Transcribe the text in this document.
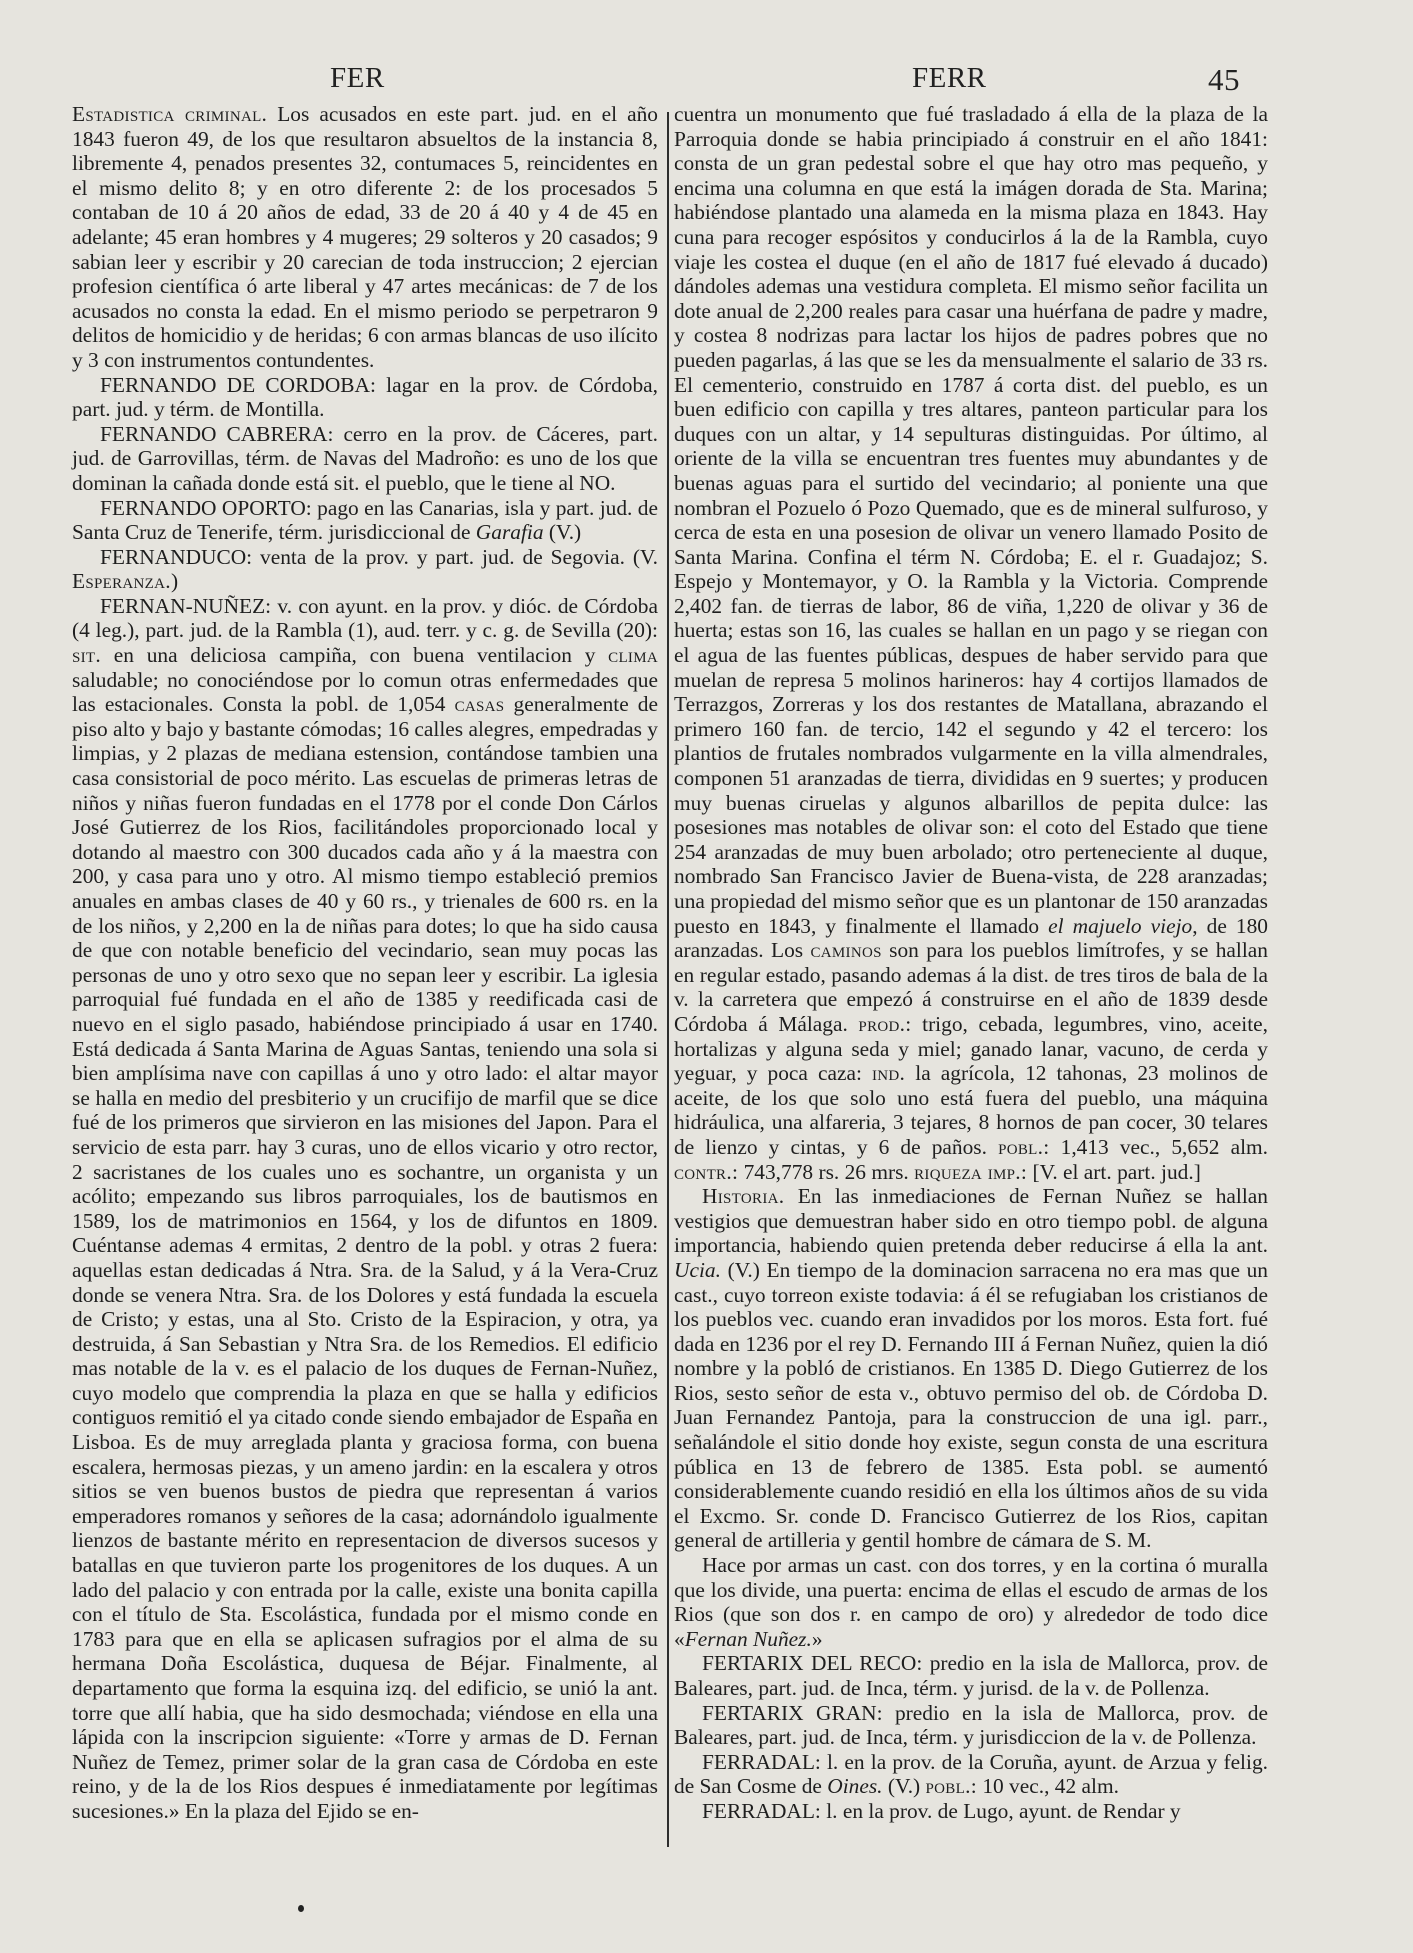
FER	FERR	45

Estadistica criminal. Los acusados en este part. jud. en el año 1843 fueron 49, de los que resultaron absueltos de la instancia 8, libremente 4, penados presentes 32, contumaces 5, reincidentes en el mismo delito 8; y en otro diferente 2: de los procesados 5 contaban de 10 á 20 años de edad, 33 de 20 á 40 y 4 de 45 en adelante; 45 eran hombres y 4 mugeres; 29 solteros y 20 casados; 9 sabian leer y escribir y 20 carecian de toda instruccion; 2 ejercian profesion científica ó arte liberal y 47 artes mecánicas: de 7 de los acusados no consta la edad. En el mismo periodo se perpetraron 9 delitos de homicidio y de heridas; 6 con armas blancas de uso ilícito y 3 con instrumentos contundentes.

FERNANDO DE CORDOBA: lagar en la prov. de Córdoba, part. jud. y térm. de Montilla.

FERNANDO CABRERA: cerro en la prov. de Cáceres, part. jud. de Garrovillas, térm. de Navas del Madroño: es uno de los que dominan la cañada donde está sit. el pueblo, que le tiene al NO.

FERNANDO OPORTO: pago en las Canarias, isla y part. jud. de Santa Cruz de Tenerife, térm. jurisdiccional de Garafia (V.)

FERNANDUCO: venta de la prov. y part. jud. de Segovia. (V. Esperanza.)

FERNAN-NUÑEZ: v. con ayunt. en la prov. y dióc. de Córdoba (4 leg.), part. jud. de la Rambla (1), aud. terr. y c. g. de Sevilla (20): sit. en una deliciosa campiña, con buena ventilacion y clima saludable; no conociéndose por lo comun otras enfermedades que las estacionales. Consta la pobl. de 1,054 casas generalmente de piso alto y bajo y bastante cómodas; 16 calles alegres, empedradas y limpias, y 2 plazas de mediana estension, contándose tambien una casa consistorial de poco mérito. Las escuelas de primeras letras de niños y niñas fueron fundadas en el 1778 por el conde Don Cárlos José Gutierrez de los Rios, facilitándoles proporcionado local y dotando al maestro con 300 ducados cada año y á la maestra con 200, y casa para uno y otro. Al mismo tiempo estableció premios anuales en ambas clases de 40 y 60 rs., y trienales de 600 rs. en la de los niños, y 2,200 en la de niñas para dotes; lo que ha sido causa de que con notable beneficio del vecindario, sean muy pocas las personas de uno y otro sexo que no sepan leer y escribir. La iglesia parroquial fué fundada en el año de 1385 y reedificada casi de nuevo en el siglo pasado, habiéndose principiado á usar en 1740. Está dedicada á Santa Marina de Aguas Santas, teniendo una sola si bien amplísima nave con capillas á uno y otro lado: el altar mayor se halla en medio del presbiterio y un crucifijo de marfil que se dice fué de los primeros que sirvieron en las misiones del Japon. Para el servicio de esta parr. hay 3 curas, uno de ellos vicario y otro rector, 2 sacristanes de los cuales uno es sochantre, un organista y un acólito; empezando sus libros parroquiales, los de bautismos en 1589, los de matrimonios en 1564, y los de difuntos en 1809. Cuéntanse ademas 4 ermitas, 2 dentro de la pobl. y otras 2 fuera: aquellas estan dedicadas á Ntra. Sra. de la Salud, y á la Vera-Cruz donde se venera Ntra. Sra. de los Dolores y está fundada la escuela de Cristo; y estas, una al Sto. Cristo de la Espiracion, y otra, ya destruida, á San Sebastian y Ntra Sra. de los Remedios. El edificio mas notable de la v. es el palacio de los duques de Fernan-Nuñez, cuyo modelo que comprendia la plaza en que se halla y edificios contiguos remitió el ya citado conde siendo embajador de España en Lisboa. Es de muy arreglada planta y graciosa forma, con buena escalera, hermosas piezas, y un ameno jardin: en la escalera y otros sitios se ven buenos bustos de piedra que representan á varios emperadores romanos y señores de la casa; adornándolo igualmente lienzos de bastante mérito en representacion de diversos sucesos y batallas en que tuvieron parte los progenitores de los duques. A un lado del palacio y con entrada por la calle, existe una bonita capilla con el título de Sta. Escolástica, fundada por el mismo conde en 1783 para que en ella se aplicasen sufragios por el alma de su hermana Doña Escolástica, duquesa de Béjar. Finalmente, al departamento que forma la esquina izq. del edificio, se unió la ant. torre que allí habia, que ha sido desmochada; viéndose en ella una lápida con la inscripcion siguiente: «Torre y armas de D. Fernan Nuñez de Temez, primer solar de la gran casa de Córdoba en este reino, y de la de los Rios despues é inmediatamente por legítimas sucesiones.» En la plaza del Ejido se en-

cuentra un monumento que fué trasladado á ella de la plaza de la Parroquia donde se habia principiado á construir en el año 1841: consta de un gran pedestal sobre el que hay otro mas pequeño, y encima una columna en que está la imágen dorada de Sta. Marina; habiéndose plantado una alameda en la misma plaza en 1843. Hay cuna para recoger espósitos y conducirlos á la de la Rambla, cuyo viaje les costea el duque (en el año de 1817 fué elevado á ducado) dándoles ademas una vestidura completa. El mismo señor facilita un dote anual de 2,200 reales para casar una huérfana de padre y madre, y costea 8 nodrizas para lactar los hijos de padres pobres que no pueden pagarlas, á las que se les da mensualmente el salario de 33 rs. El cementerio, construido en 1787 á corta dist. del pueblo, es un buen edificio con capilla y tres altares, panteon particular para los duques con un altar, y 14 sepulturas distinguidas. Por último, al oriente de la villa se encuentran tres fuentes muy abundantes y de buenas aguas para el surtido del vecindario; al poniente una que nombran el Pozuelo ó Pozo Quemado, que es de mineral sulfuroso, y cerca de esta en una posesion de olivar un venero llamado Posito de Santa Marina. Confina el térm N. Córdoba; E. el r. Guadajoz; S. Espejo y Montemayor, y O. la Rambla y la Victoria. Comprende 2,402 fan. de tierras de labor, 86 de viña, 1,220 de olivar y 36 de huerta; estas son 16, las cuales se hallan en un pago y se riegan con el agua de las fuentes públicas, despues de haber servido para que muelan de represa 5 molinos harineros: hay 4 cortijos llamados de Terrazgos, Zorreras y los dos restantes de Matallana, abrazando el primero 160 fan. de tercio, 142 el segundo y 42 el tercero: los plantios de frutales nombrados vulgarmente en la villa almendrales, componen 51 aranzadas de tierra, divididas en 9 suertes; y producen muy buenas ciruelas y algunos albarillos de pepita dulce: las posesiones mas notables de olivar son: el coto del Estado que tiene 254 aranzadas de muy buen arbolado; otro perteneciente al duque, nombrado San Francisco Javier de Buena-vista, de 228 aranzadas; una propiedad del mismo señor que es un plantonar de 150 aranzadas puesto en 1843, y finalmente el llamado el majuelo viejo, de 180 aranzadas. Los caminos son para los pueblos limítrofes, y se hallan en regular estado, pasando ademas á la dist. de tres tiros de bala de la v. la carretera que empezó á construirse en el año de 1839 desde Córdoba á Málaga. prod.: trigo, cebada, legumbres, vino, aceite, hortalizas y alguna seda y miel; ganado lanar, vacuno, de cerda y yeguar, y poca caza: ind. la agrícola, 12 tahonas, 23 molinos de aceite, de los que solo uno está fuera del pueblo, una máquina hidráulica, una alfareria, 3 tejares, 8 hornos de pan cocer, 30 telares de lienzo y cintas, y 6 de paños. pobl.: 1,413 vec., 5,652 alm. contr.: 743,778 rs. 26 mrs. riqueza imp.: [V. el art. part. jud.]

Historia. En las inmediaciones de Fernan Nuñez se hallan vestigios que demuestran haber sido en otro tiempo pobl. de alguna importancia, habiendo quien pretenda deber reducirse á ella la ant. Ucia. (V.) En tiempo de la dominacion sarracena no era mas que un cast., cuyo torreon existe todavia: á él se refugiaban los cristianos de los pueblos vec. cuando eran invadidos por los moros. Esta fort. fué dada en 1236 por el rey D. Fernando III á Fernan Nuñez, quien la dió nombre y la pobló de cristianos. En 1385 D. Diego Gutierrez de los Rios, sesto señor de esta v., obtuvo permiso del ob. de Córdoba D. Juan Fernandez Pantoja, para la construccion de una igl. parr., señalándole el sitio donde hoy existe, segun consta de una escritura pública en 13 de febrero de 1385. Esta pobl. se aumentó considerablemente cuando residió en ella los últimos años de su vida el Excmo. Sr. conde D. Francisco Gutierrez de los Rios, capitan general de artilleria y gentil hombre de cámara de S. M.

Hace por armas un cast. con dos torres, y en la cortina ó muralla que los divide, una puerta: encima de ellas el escudo de armas de los Rios (que son dos r. en campo de oro) y alrededor de todo dice «Fernan Nuñez.»

FERTARIX DEL RECO: predio en la isla de Mallorca, prov. de Baleares, part. jud. de Inca, térm. y jurisd. de la v. de Pollenza.

FERTARIX GRAN: predio en la isla de Mallorca, prov. de Baleares, part. jud. de Inca, térm. y jurisdiccion de la v. de Pollenza.

FERRADAL: l. en la prov. de la Coruña, ayunt. de Arzua y felig. de San Cosme de Oines. (V.) pobl.: 10 vec., 42 alm.

FERRADAL: l. en la prov. de Lugo, ayunt. de Rendar y
